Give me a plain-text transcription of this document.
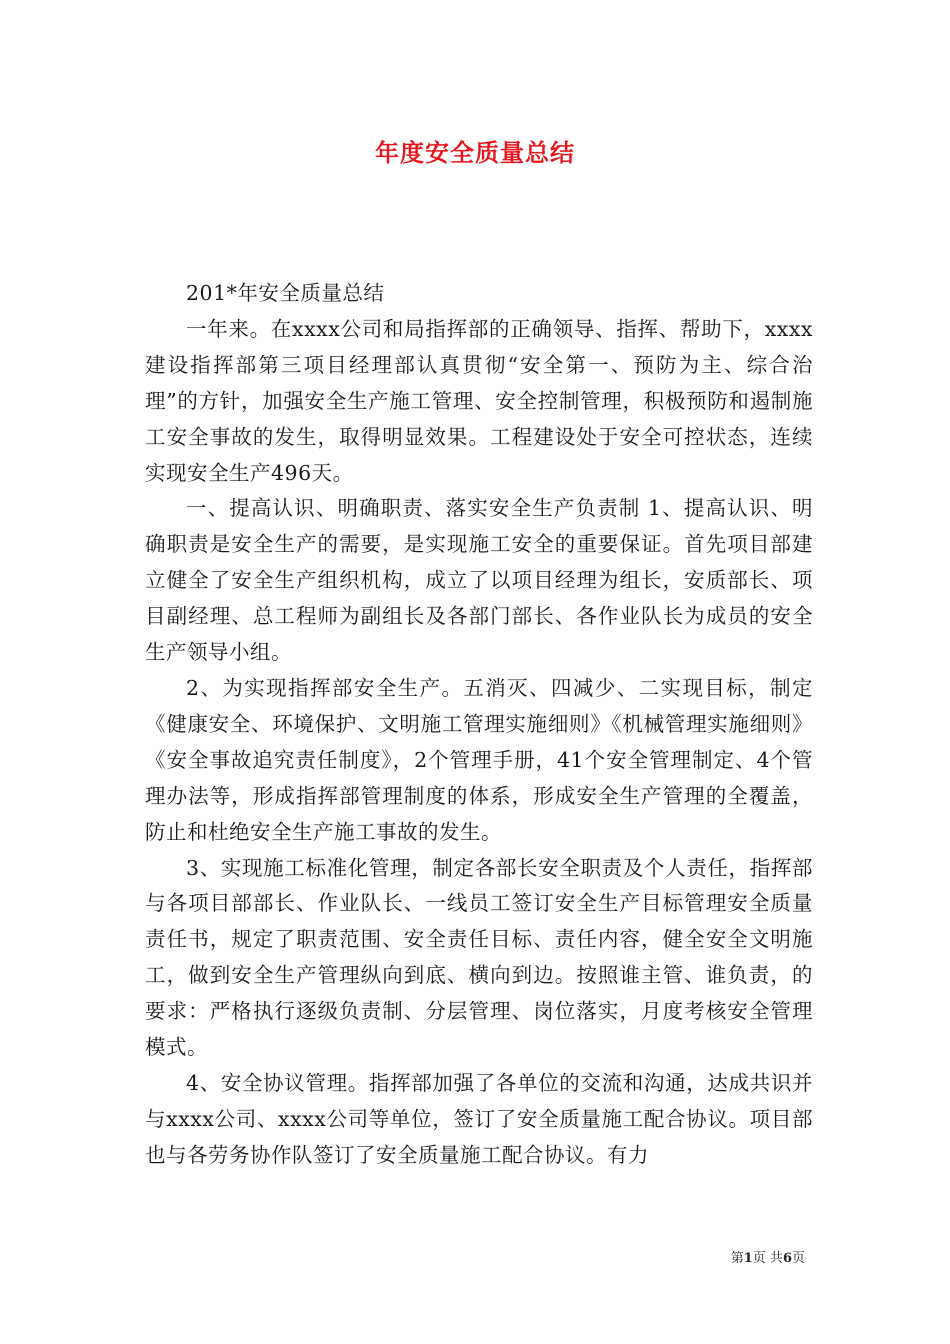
年度安全质量总结

201*年安全质量总结

一年来。在xxxx公司和局指挥部的正确领导、指挥、帮助下，xxxx建设指挥部第三项目经理部认真贯彻“安全第一、预防为主、综合治理”的方针，加强安全生产施工管理、安全控制管理，积极预防和遏制施工安全事故的发生，取得明显效果。工程建设处于安全可控状态，连续实现安全生产496天。

一、提高认识、明确职责、落实安全生产负责制 1、提高认识、明确职责是安全生产的需要，是实现施工安全的重要保证。首先项目部建立健全了安全生产组织机构，成立了以项目经理为组长，安质部长、项目副经理、总工程师为副组长及各部门部长、各作业队长为成员的安全生产领导小组。

2、为实现指挥部安全生产。五消灭、四减少、二实现目标，制定《健康安全、环境保护、文明施工管理实施细则》《机械管理实施细则》《安全事故追究责任制度》，2个管理手册，41个安全管理制定、4个管理办法等，形成指挥部管理制度的体系，形成安全生产管理的全覆盖，防止和杜绝安全生产施工事故的发生。

3、实现施工标准化管理，制定各部长安全职责及个人责任，指挥部与各项目部部长、作业队长、一线员工签订安全生产目标管理安全质量责任书，规定了职责范围、安全责任目标、责任内容，健全安全文明施工，做到安全生产管理纵向到底、横向到边。按照谁主管、谁负责，的要求：严格执行逐级负责制、分层管理、岗位落实，月度考核安全管理模式。

4、安全协议管理。指挥部加强了各单位的交流和沟通，达成共识并与xxxx公司、xxxx公司等单位，签订了安全质量施工配合协议。项目部也与各劳务协作队签订了安全质量施工配合协议。有力

第1页 共6页
